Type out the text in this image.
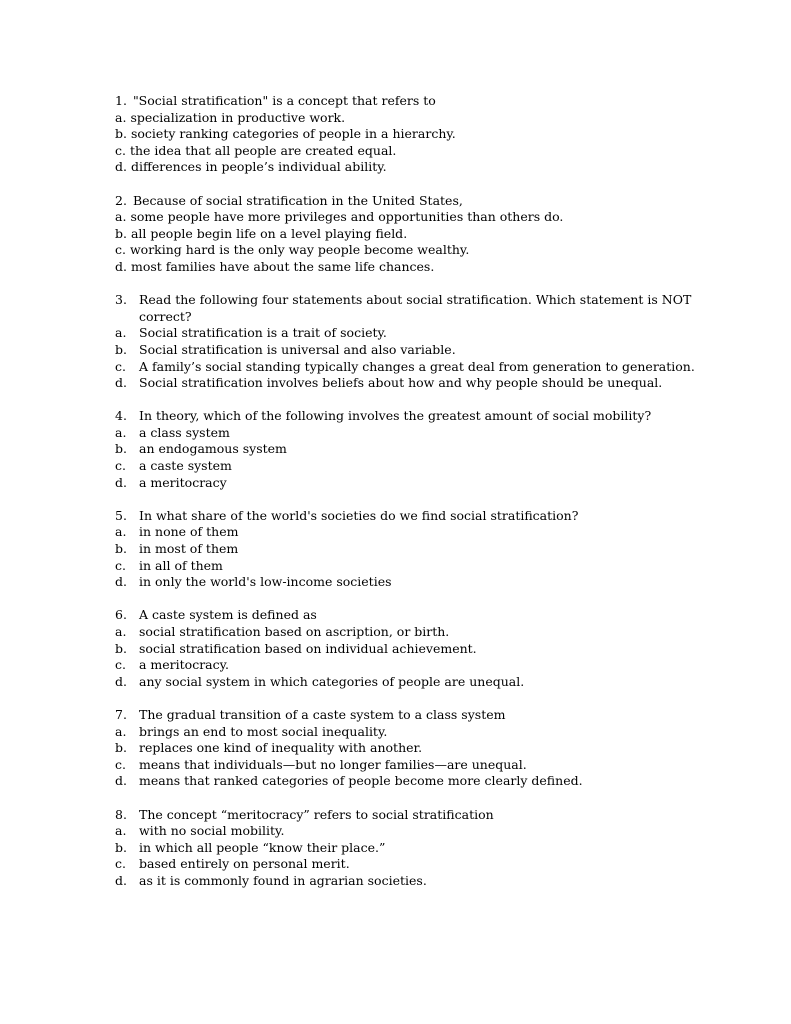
1. "Social stratification" is a concept that refers to
a. specialization in productive work.
b. society ranking categories of people in a hierarchy.
c. the idea that all people are created equal.
d. differences in people’s individual ability.
2. Because of social stratification in the United States,
a. some people have more privileges and opportunities than others do.
b. all people begin life on a level playing field.
c. working hard is the only way people become wealthy.
d. most families have about the same life chances.
3. Read the following four statements about social stratification. Which statement is NOT
correct?
a. Social stratification is a trait of society.
b. Social stratification is universal and also variable.
c. A family’s social standing typically changes a great deal from generation to generation.
d. Social stratification involves beliefs about how and why people should be unequal.
4. In theory, which of the following involves the greatest amount of social mobility?
a. a class system
b. an endogamous system
c. a caste system
d. a meritocracy
5. In what share of the world's societies do we find social stratification?
a. in none of them
b. in most of them
c. in all of them
d. in only the world's low-income societies
6. A caste system is defined as
a. social stratification based on ascription, or birth.
b. social stratification based on individual achievement.
c. a meritocracy.
d. any social system in which categories of people are unequal.
7. The gradual transition of a caste system to a class system
a. brings an end to most social inequality.
b. replaces one kind of inequality with another.
c. means that individuals—but no longer families—are unequal.
d. means that ranked categories of people become more clearly defined.
8. The concept “meritocracy” refers to social stratification
a. with no social mobility.
b. in which all people “know their place.”
c. based entirely on personal merit.
d. as it is commonly found in agrarian societies.
